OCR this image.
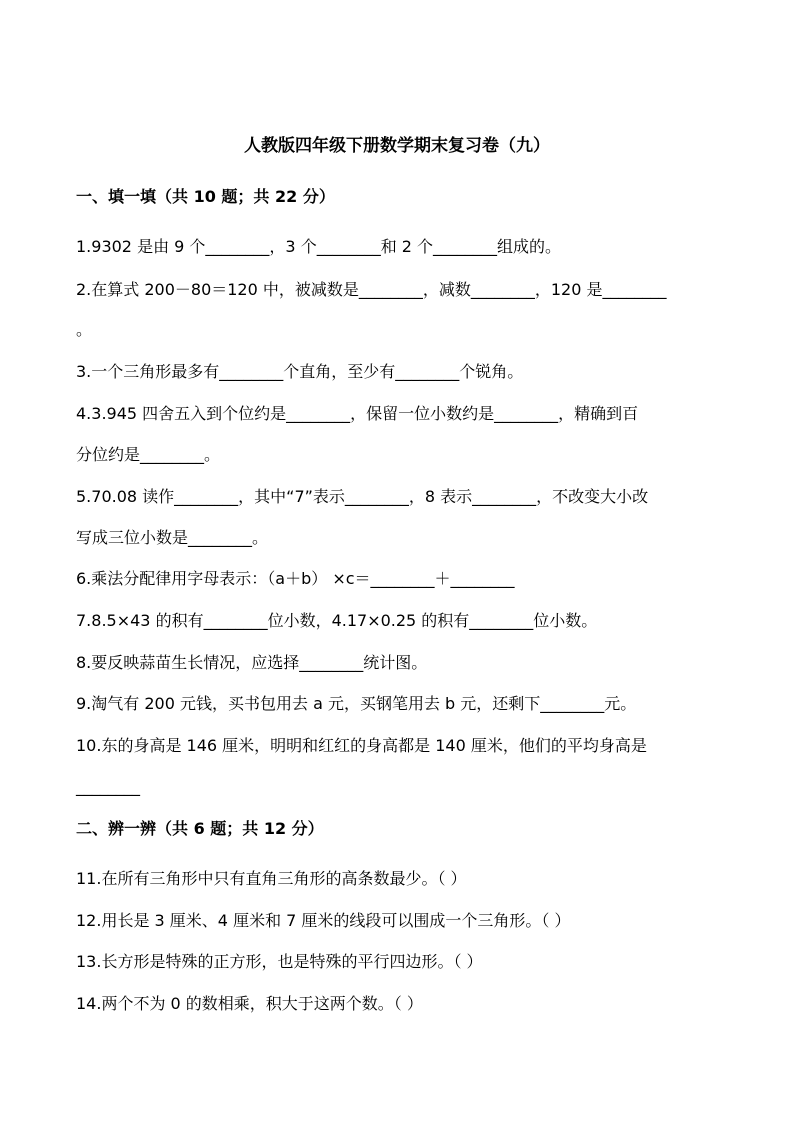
人教版四年级下册数学期末复习卷（九）
一、填一填（共 10 题；共 22 分）
1.9302 是由 9 个________，3 个________和 2 个________组成的。
2.在算式 200－80＝120 中，被减数是________，减数________，120 是________
。
3.一个三角形最多有________个直角，至少有________个锐角。
4.3.945 四舍五入到个位约是________，保留一位小数约是________，精确到百
分位约是________。
5.70.08 读作________，其中“7”表示________，8 表示________，不改变大小改
写成三位小数是________。
6.乘法分配律用字母表示：（a＋b） ×c＝________＋________
7.8.5×43 的积有________位小数，4.17×0.25 的积有________位小数。
8.要反映蒜苗生长情况，应选择________统计图。
9.淘气有 200 元钱，买书包用去 a 元，买钢笔用去 b 元，还剩下________元。
10.东的身高是 146 厘米，明明和红红的身高都是 140 厘米，他们的平均身高是
________
二、辨一辨（共 6 题；共 12 分）
11.在所有三角形中只有直角三角形的高条数最少。（ ）
12.用长是 3 厘米、4 厘米和 7 厘米的线段可以围成一个三角形。（ ）
13.长方形是特殊的正方形，也是特殊的平行四边形。（ ）
14.两个不为 0 的数相乘，积大于这两个数。（ ）
